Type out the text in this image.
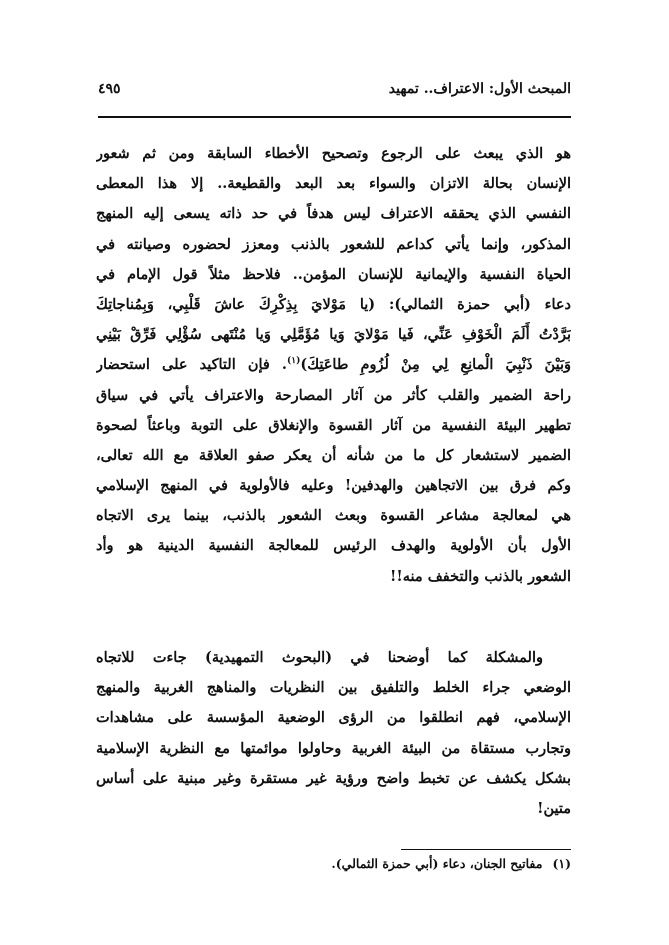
المبحث الأول: الاعتراف.. تمهيد
٤٩٥
هو الذي يبعث على الرجوع وتصحيح الأخطاء السابقة ومن ثم شعور
الإنسان بحالة الاتزان والسواء بعد البعد والقطيعة.. إلا هذا المعطى
النفسي الذي يحققه الاعتراف ليس هدفاً في حد ذاته يسعى إليه المنهج
المذكور، وإنما يأتي كداعم للشعور بالذنب ومعزز لحضوره وصيانته في
الحياة النفسية والإيمانية للإنسان المؤمن.. فلاحظ مثلاً قول الإمام في
دعاء (أبي حمزة الثمالي): (يا مَوْلايَ بِذِكْرِكَ عاشَ قَلْبِي، وَبِمُناجاتِكَ
بَرَّدْتُ أَلَمَ الْخَوْفِ عَنِّي، فَيا مَوْلايَ وَيا مُؤَمَّلِي وَيا مُنْتَهى سُؤْلِي فَرِّقْ بَيْنِي
وَبَيْنَ ذَنْبِيَ الْمانِعِ لِي مِنْ لُزُومِ طاعَتِكَ)$^{(١)}$. فإن التاكيد على استحضار
راحة الضمير والقلب كأثر من آثار المصارحة والاعتراف يأتي في سياق
تطهير البيئة النفسية من آثار القسوة والإنغلاق على التوبة وباعثاً لصحوة
الضمير لاستشعار كل ما من شأنه أن يعكر صفو العلاقة مع الله تعالى،
وكم فرق بين الاتجاهين والهدفين! وعليه فالأولوية في المنهج الإسلامي
هي لمعالجة مشاعر القسوة وبعث الشعور بالذنب، بينما يرى الاتجاه
الأول بأن الأولوية والهدف الرئيس للمعالجة النفسية الدينية هو وأد
الشعور بالذنب والتخفف منه!!
والمشكلة كما أوضحنا في (البحوث التمهيدية) جاءت للاتجاه
الوضعي جراء الخلط والتلفيق بين النظريات والمناهج الغربية والمنهج
الإسلامي، فهم انطلقوا من الرؤى الوضعية المؤسسة على مشاهدات
وتجارب مستقاة من البيئة الغربية وحاولوا موائمتها مع النظرية الإسلامية
بشكل يكشف عن تخبط واضح ورؤية غير مستقرة وغير مبنية على أساس
متين!
(١)مفاتيح الجنان، دعاء (أبي حمزة الثمالي).
